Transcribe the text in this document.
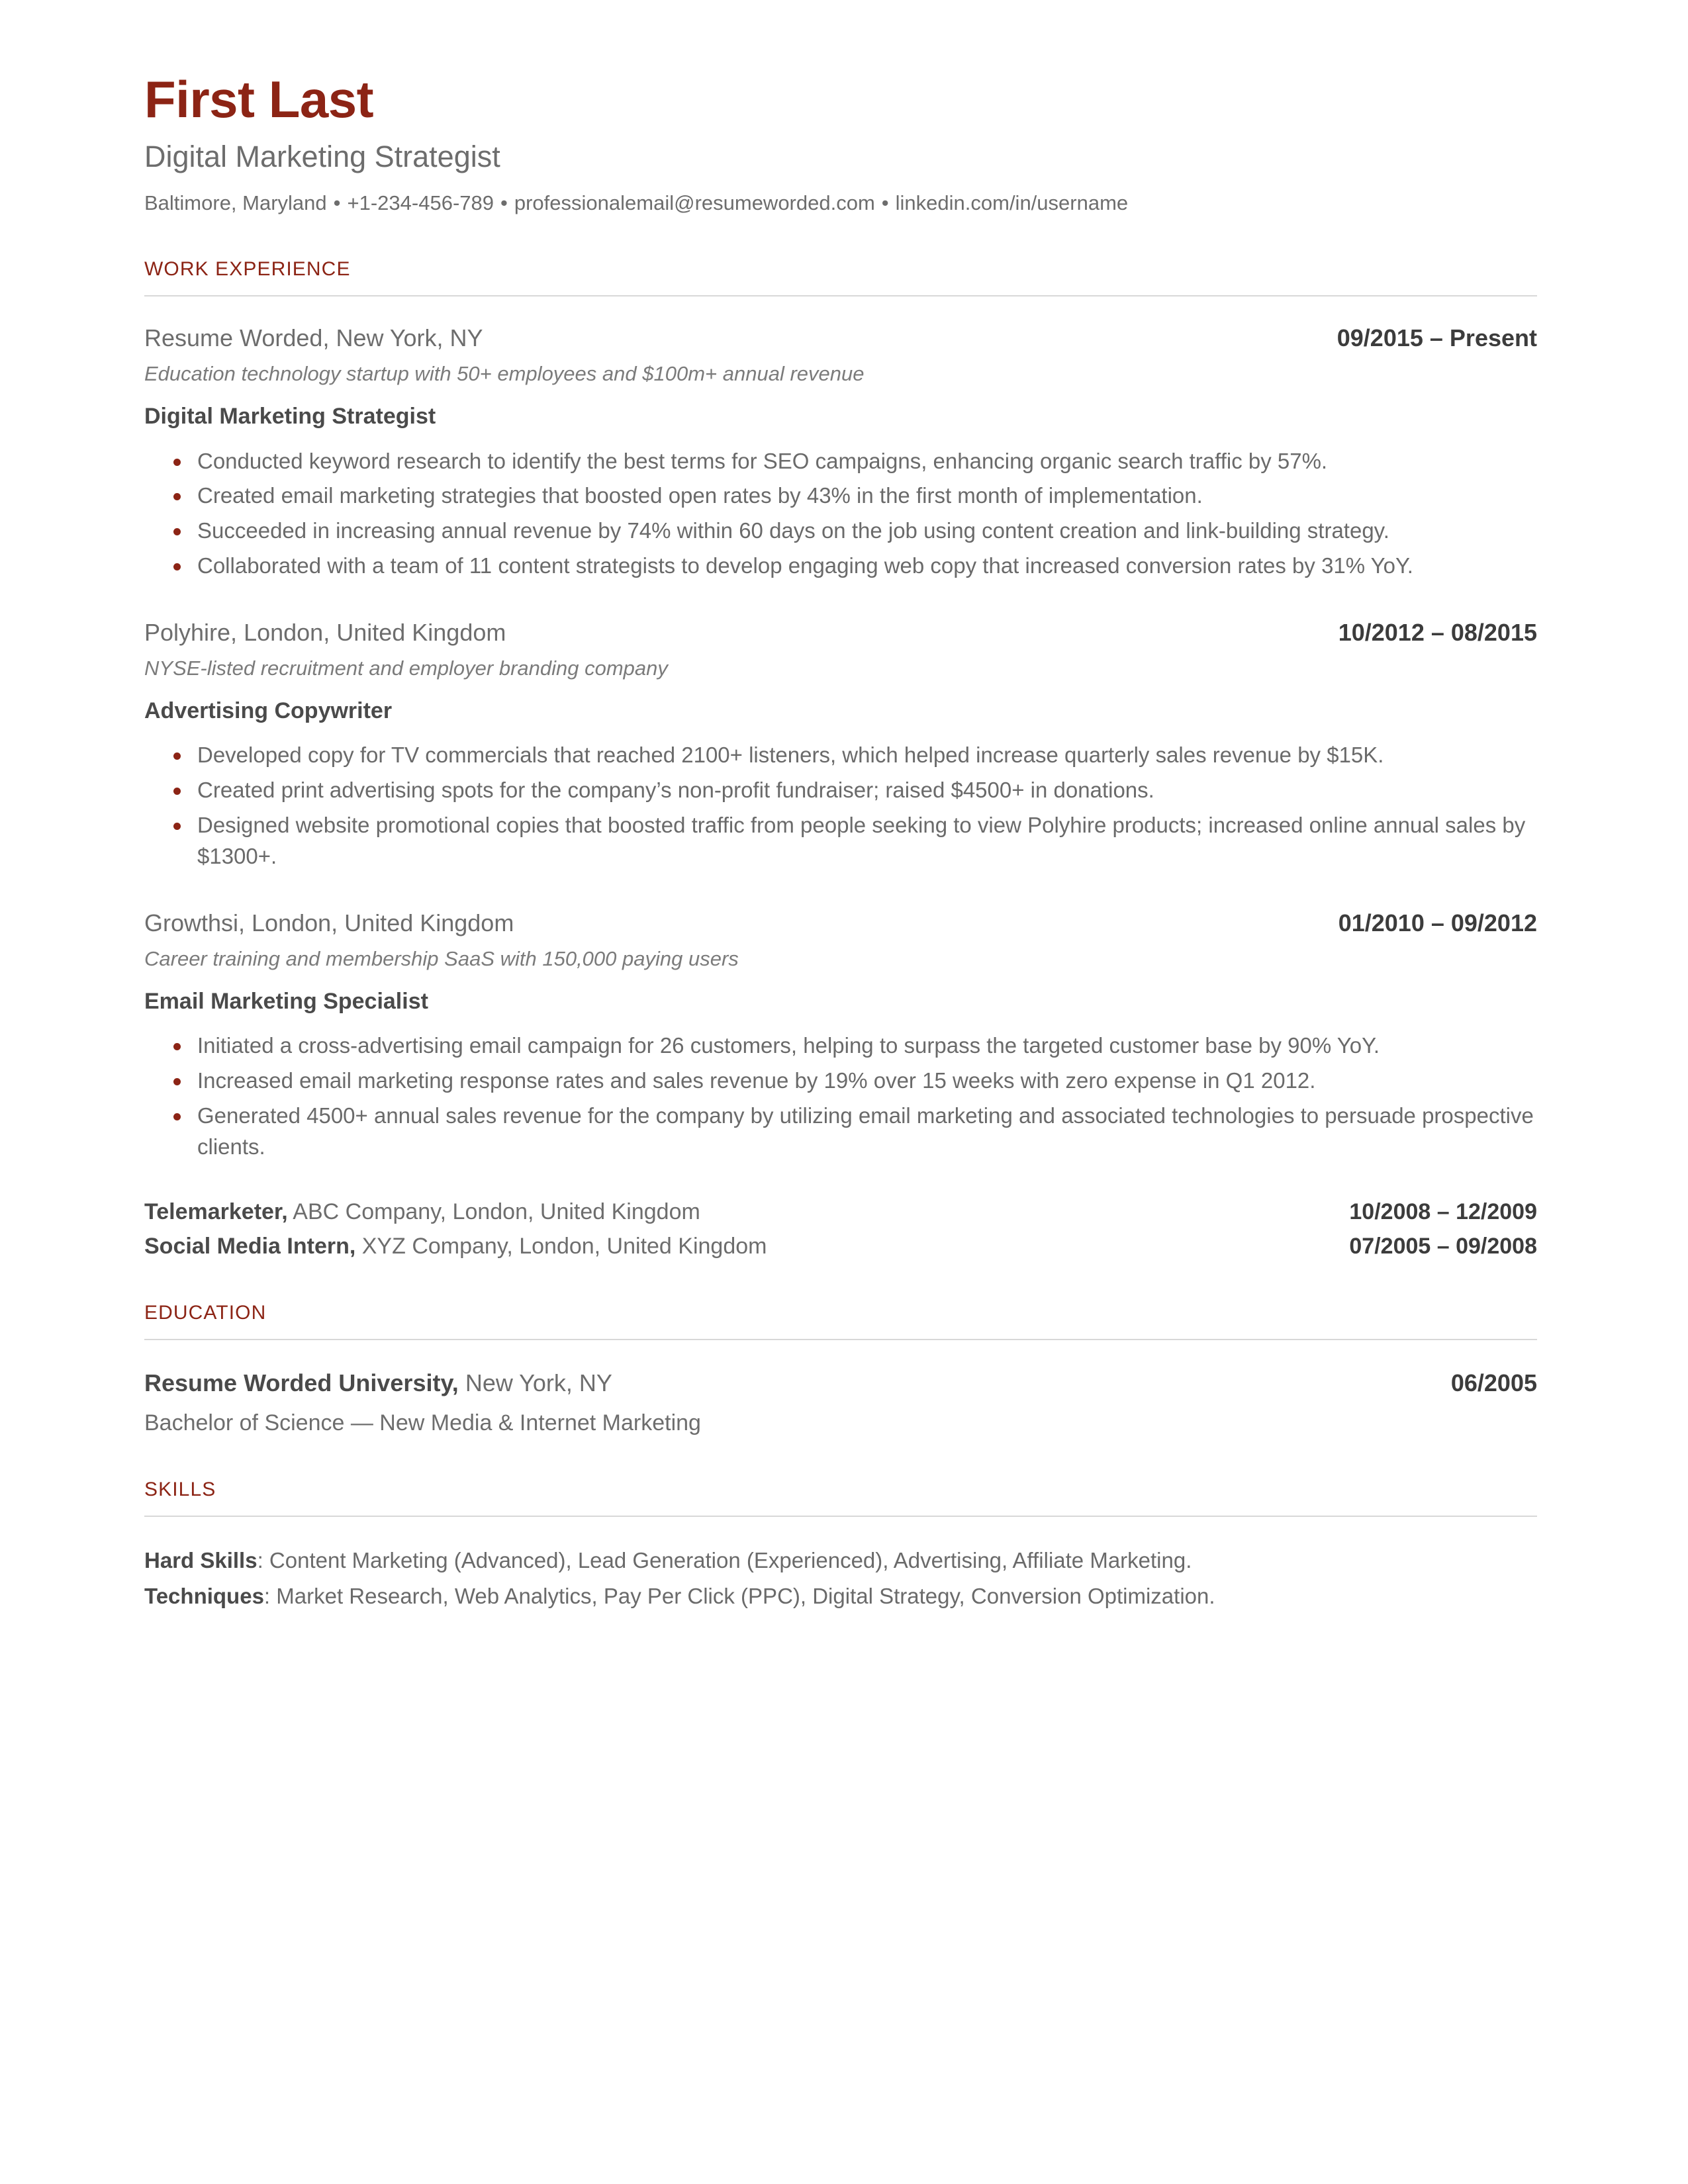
First Last
Digital Marketing Strategist
Baltimore, Maryland • +1-234-456-789 • professionalemail@resumeworded.com • linkedin.com/in/username
WORK EXPERIENCE
Resume Worded, New York, NY	09/2015 – Present
Education technology startup with 50+ employees and $100m+ annual revenue
Digital Marketing Strategist
Conducted keyword research to identify the best terms for SEO campaigns, enhancing organic search traffic by 57%.
Created email marketing strategies that boosted open rates by 43% in the first month of implementation.
Succeeded in increasing annual revenue by 74% within 60 days on the job using content creation and link-building strategy.
Collaborated with a team of 11 content strategists to develop engaging web copy that increased conversion rates by 31% YoY.
Polyhire, London, United Kingdom	10/2012 – 08/2015
NYSE-listed recruitment and employer branding company
Advertising Copywriter
Developed copy for TV commercials that reached 2100+ listeners, which helped increase quarterly sales revenue by $15K.
Created print advertising spots for the company’s non-profit fundraiser; raised $4500+ in donations.
Designed website promotional copies that boosted traffic from people seeking to view Polyhire products; increased online annual sales by $1300+.
Growthsi, London, United Kingdom	01/2010 – 09/2012
Career training and membership SaaS with 150,000 paying users
Email Marketing Specialist
Initiated a cross-advertising email campaign for 26 customers, helping to surpass the targeted customer base by 90% YoY.
Increased email marketing response rates and sales revenue by 19% over 15 weeks with zero expense in Q1 2012.
Generated 4500+ annual sales revenue for the company by utilizing email marketing and associated technologies to persuade prospective clients.
Telemarketer, ABC Company, London, United Kingdom	10/2008 – 12/2009
Social Media Intern, XYZ Company, London, United Kingdom	07/2005 – 09/2008
EDUCATION
Resume Worded University, New York, NY	06/2005
Bachelor of Science — New Media & Internet Marketing
SKILLS
Hard Skills: Content Marketing (Advanced), Lead Generation (Experienced), Advertising, Affiliate Marketing.
Techniques: Market Research, Web Analytics, Pay Per Click (PPC), Digital Strategy, Conversion Optimization.
